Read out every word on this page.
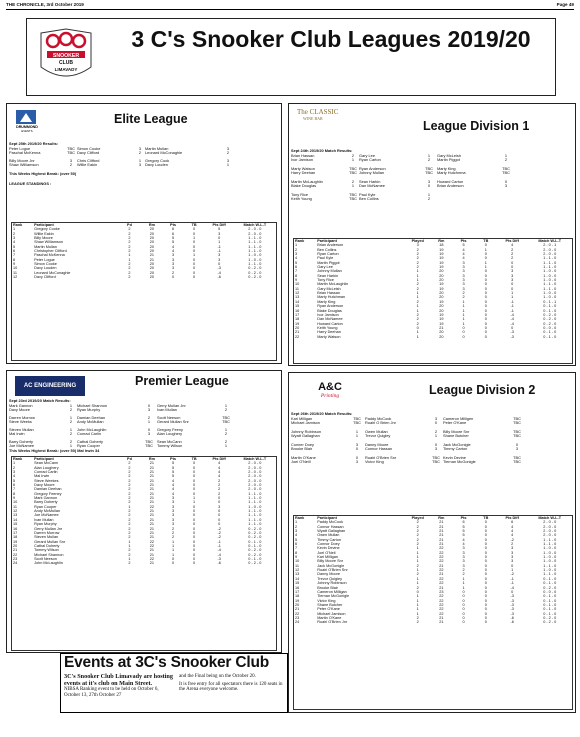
THE CHRONICLE, 3rd October 2019	Page 49
SNOOKER
CLUB
LIMAVADY
3 C's Snooker Club Leagues 2019/20
DRUMMOND
EVENTS
Elite League
Sept 25th 2019/20 Results:
Peter Logue	TBC Simon Cooke	3	Martin Mullan	3
Paschal McKenna	TBC Davy Clifford	2	Leonard McConaghie	2
Billy Moore Jnr	3	Chris Clifford	1	Gregory Cook	3
Shaw Williamson	2	Willie Eakin	3	Davy Louden	1
This Weeks Highest Break: (over 50)
LEAGUE STANDINGS :
Rank	Participant	Pd	Rm	Pts	TB	Pts Diff	Match W-L-T
1	Gregory Cooke	2	20	6	0	5	2 - 0 - 0
2	Willie Eakin	2	20	6	0	3	2 - 0 - 0
3	Billy Moore	2	20	5	1	0	1 - 1 - 0
4	Shaw Williamson	2	20	5	0	1	1 - 1 - 0
5	Martin Mullan	2	20	4	0	-1	1 - 1 - 0
6	Christopher Clifford	2	20	4	0	-1	1 - 1 - 0
7	Paschal McKenna	1	21	3	1	3	1 - 0 - 0
8	Peter Logue	1	21	3	0	3	1 - 0 - 0
9	Simon Cooke	2	20	3	0	0	1 - 1 - 0
10	Davy Louden	2	20	3	0	-3	0 - 2 - 0
11	Leonard McConaghie	2	20	2	0	-4	0 - 2 - 0
12	Davy Clifford	2	20	0	0	-6	0 - 2 - 0
AC ENGINEERING	Premier League
Sept 23rd 2019/20 Match Results:
Mark Gannon	1	Michael Shannon	0	Gerry Mullan Jnr	1
Davy Moore	2	Ryan Murphy	3	Ivan Mullan	2
Darren Morrow	1	Damian Deehan	2	Scott Neeson	TBC
Steve Weeks	2	Andy McMullan	1	Gerard Mullan Snr	TBC
Steven Mullan	1	John McLaughlin	0	Gregory Feeny	1
Mal Irwin	2	Conrad Carlin	3	Alan Loughery	2
Barry Doherty	2	Cathal Doherty	TBC	Sean McCann	2
Joe McNamee	1	Ryan Cooper	TBC	Tommy Wilson	1
This Weeks Highest Break: (over 50) Mal Irwin 34
Rank	Participant	Pd	Rm	Pts	TB	Pts Diff	Match W-L-T
1	Sean McCann	2	21	5	0	4	2 - 0 - 0
2	Alan Loughery	2	21	5	0	4	2 - 0 - 0
3	Conrad Carlin	2	21	5	0	4	2 - 0 - 0
4	Mal Irwin	2	21	5	0	4	2 - 0 - 0
5	Steve Weekes	2	21	4	0	2	2 - 0 - 0
6	Davy Moore	2	21	4	0	2	2 - 0 - 0
7	Damian Deehan	2	21	4	0	2	2 - 0 - 0
8	Gregory Feeney	2	21	4	0	2	1 - 1 - 0
9	Mark Gannon	2	21	3	1	0	1 - 1 - 0
10	Barry Doherty	2	21	3	1	0	1 - 1 - 0
11	Ryan Cooper	1	22	3	0	3	1 - 0 - 0
12	Andy McMullan	2	21	3	0	0	1 - 1 - 0
13	Joe McNamee	2	21	3	0	0	1 - 1 - 0
14	Ivan Mullan	2	21	3	0	0	1 - 1 - 0
15	Ryan Murphy	2	21	3	0	0	1 - 1 - 0
16	Gerry Mullan Jnr	2	21	2	0	-2	0 - 2 - 0
17	Darren Morrow	2	21	2	0	-2	0 - 2 - 0
18	Steven Mullan	2	21	2	0	-2	0 - 2 - 0
19	Gerard Mullan Snr	1	22	1	0	-1	0 - 1 - 0
20	Cathal Doherty	1	22	1	0	-1	0 - 1 - 0
21	Tommy Wilson	2	21	1	0	-4	0 - 2 - 0
22	Michael Shannon	2	21	1	0	-4	0 - 2 - 0
23	Scott Neeson	1	22	0	0	-3	0 - 1 - 0
24	John McLaughlin	2	21	0	0	-6	0 - 2 - 0
Events at 3C's Snooker Club
3C's Snooker Club Limavady are hosting events at it's club on Main Street.
NIBSA Ranking event to be held on October 6, October 13, 27th October 27
and the Final being on the October 20.
It is free entry for all spectators there is 120 seats in the Arena everyone welcome.
The CLASSIC
WINE BAR
League Division 1
Sept 24th 2019/20 Match Results:
Brian Hassan	2	Gary Lee	1	Gary McLeish	1
Ivor Jamison	1	Ryan Carton	2	Martin Piggot	2
Marty Watson	TBC Ryan Anderson	TBC	Marty King	TBC
Harry Deehan	TBC Johnny Mullan	TBC	Marty Hutchmna	TBC
Martin McLaughlin	2	Sean Harkin	3	Howard Carton	0
Blake Douglas	1	Dan McNamee	0	Brian Anderson	3
Tony Rice	TBC Paul Kyle	1
Keith Young	TBC Ben Collins	2
Rank	Participant	Played	Rm	Pts	TB	Pts Diff	Match W-L-T
1	Brian Anderson	3	18	5	0	4	2 - 0 - 1
2	Ben Collins	2	19	4	1	2	2 - 0 - 0
3	Ryan Carton	2	19	4	0	2	2 - 0 - 0
4	Paul Kyle	2	19	4	0	2	1 - 1 - 0
5	Martin Piggot	2	19	3	1	0	1 - 1 - 0
6	Gary Lee	2	19	3	1	0	1 - 1 - 0
7	Johnny Mullan	1	20	3	0	3	1 - 0 - 0
8	Sean Harkin	1	20	3	0	3	1 - 0 - 0
9	Tony Rice	1	20	3	0	3	1 - 0 - 0
10	Martin McLaughlin	2	19	3	0	0	1 - 1 - 0
11	Gary McLeish	2	19	3	0	0	1 - 1 - 0
12	Brian Hassan	1	20	2	0	1	1 - 0 - 0
13	Marty Hutchman	1	20	2	0	1	1 - 0 - 0
14	Marty King	2	19	1	0	-1	0 - 1 - 1
15	Ryan Anderson	1	20	1	0	-1	0 - 1 - 0
16	Blake Douglas	1	20	1	0	-1	0 - 1 - 0
17	Ivor Jamison	2	19	1	0	-4	0 - 2 - 0
18	Dan McNamee	2	19	1	0	-4	0 - 2 - 0
19	Howard Carton	2	19	1	0	-4	0 - 2 - 0
20	Keith Young	0	21	0	0	0	0 - 0 - 0
21	Harry Deehan	1	20	0	0	-3	0 - 1 - 0
22	Marty Watson	1	20	0	0	-3	0 - 1 - 0
A&C
Printing	League Division 2
Sept 26th 2019/20 Match Results:
Kari Milligan	TBC	Paddy McCook	3	Cameron Milligen	TBC
Michael Jamison	TBC	Ruairi O Brien Jnr	0	Peter O'Kane	TBC
Johnny Robinson	1	Owen Mullan	2	Billy Moore Snr	TBC
Wyatt Gallaghan	1	Trevor Quigley	1	Shane Butcher	TBC
Conner Doey	3	Danny Moore	0	Jack McGonigle	0
Brooke Blair	0	Connor Hassan	3	Timmy Carton	3
Martin O'Kane	0	Ruairi O'Brien Snr	TBC Kevin Devine	TBC
Joel O'Neill	3	Victor King	TBC Tiernan McGonigle	TBC
Rank	Participant	Played	Rm	Pts	TB	Pts Diff	Match W-L-T
1	Paddy McCook	2	21	6	0	6	2 - 0 - 0
2	Connor Hassan	2	21	5	0	4	2 - 0 - 0
3	Wyatt Gallaghan	2	21	5	0	4	2 - 0 - 0
4	Owen Mullan	2	21	5	0	4	2 - 0 - 0
5	Timmy Carton	2	21	4	0	-2	1 - 1 - 0
6	Connor Doey	2	21	4	0	2	1 - 1 - 0
7	Kevin Devine	1	22	3	0	3	1 - 0 - 0
8	Joel O'Neil	1	22	3	0	3	1 - 0 - 0
9	Kari Milligan	1	22	3	0	3	1 - 0 - 0
10	Billy Moore Snr	1	22	3	0	3	1 - 0 - 0
11	Jack McGonigle	2	21	3	0	0	1 - 1 - 0
12	Ruairi O'Brien Snr	1	22	2	0	1	1 - 0 - 0
13	Danny Moore	2	21	2	0	-2	1 - 1 - 0
14	Trevor Quigley	1	22	1	0	-1	0 - 1 - 0
15	Johnny Robinson	1	22	1	0	-1	0 - 1 - 0
16	Brooke Blair	2	21	1	0	-4	0 - 2 - 0
17	Cameron Milligan	0	23	0	0	0	0 - 0 - 0
18	Tiernan McGonigle	1	22	0	0	-3	0 - 1 - 0
19	Victor King	1	22	0	0	-3	0 - 1 - 0
20	Shane Butcher	1	22	0	0	-3	0 - 1 - 0
21	Peter O'Kane	1	22	0	0	-3	0 - 1 - 0
22	Michael Jamison	1	22	0	0	-3	0 - 1 - 0
23	Martin O'Kane	2	21	0	0	-6	0 - 2 - 0
24	Ruairi O'Brien Jnr	2	21	0	0	-6	0 - 2 - 0
